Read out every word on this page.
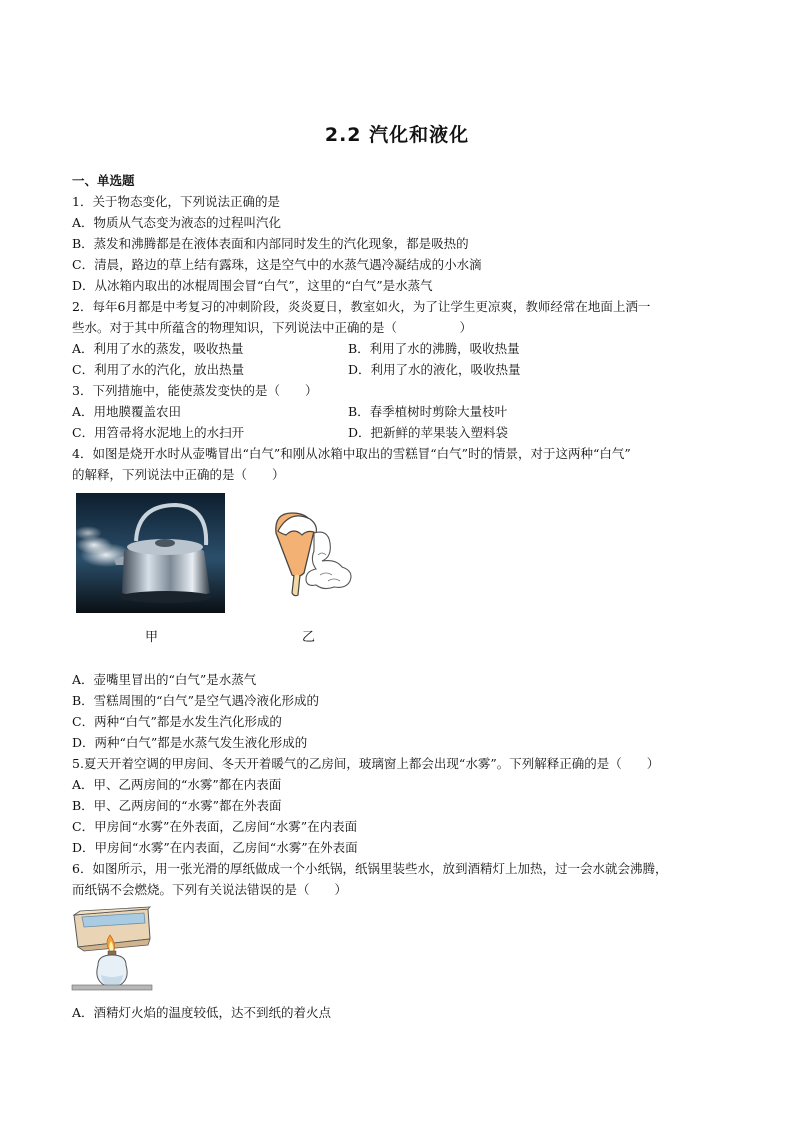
2.2 汽化和液化
一、单选题
1．关于物态变化，下列说法正确的是
A．物质从气态变为液态的过程叫汽化
B．蒸发和沸腾都是在液体表面和内部同时发生的汽化现象，都是吸热的
C．清晨，路边的草上结有露珠，这是空气中的水蒸气遇冷凝结成的小水滴
D．从冰箱内取出的冰棍周围会冒“白气”，这里的“白气”是水蒸气
2．每年6月都是中考复习的冲刺阶段，炎炎夏日，教室如火，为了让学生更凉爽，教师经常在地面上洒一
些水。对于其中所蕴含的物理知识，下列说法中正确的是（　　　　　）
A．利用了水的蒸发，吸收热量	B．利用了水的沸腾，吸收热量
C．利用了水的汽化，放出热量	D．利用了水的液化，吸收热量
3．下列措施中，能使蒸发变快的是（　　）
A．用地膜覆盖农田	B．春季植树时剪除大量枝叶
C．用笤帚将水泥地上的水扫开	D．把新鲜的苹果装入塑料袋
4．如图是烧开水时从壶嘴冒出“白气”和刚从冰箱中取出的雪糕冒“白气”时的情景，对于这两种“白气”
的解释，下列说法中正确的是（　　）
甲	乙
A．壶嘴里冒出的“白气”是水蒸气
B．雪糕周围的“白气”是空气遇冷液化形成的
C．两种“白气”都是水发生汽化形成的
D．两种“白气”都是水蒸气发生液化形成的
5.夏天开着空调的甲房间、冬天开着暖气的乙房间，玻璃窗上都会出现“水雾”。下列解释正确的是（　　）
A．甲、乙两房间的“水雾”都在内表面
B．甲、乙两房间的“水雾”都在外表面
C．甲房间“水雾”在外表面，乙房间“水雾”在内表面
D．甲房间“水雾”在内表面，乙房间“水雾”在外表面
6．如图所示，用一张光滑的厚纸做成一个小纸锅，纸锅里装些水，放到酒精灯上加热，过一会水就会沸腾，
而纸锅不会燃烧。下列有关说法错误的是（　　）
A．酒精灯火焰的温度较低，达不到纸的着火点
